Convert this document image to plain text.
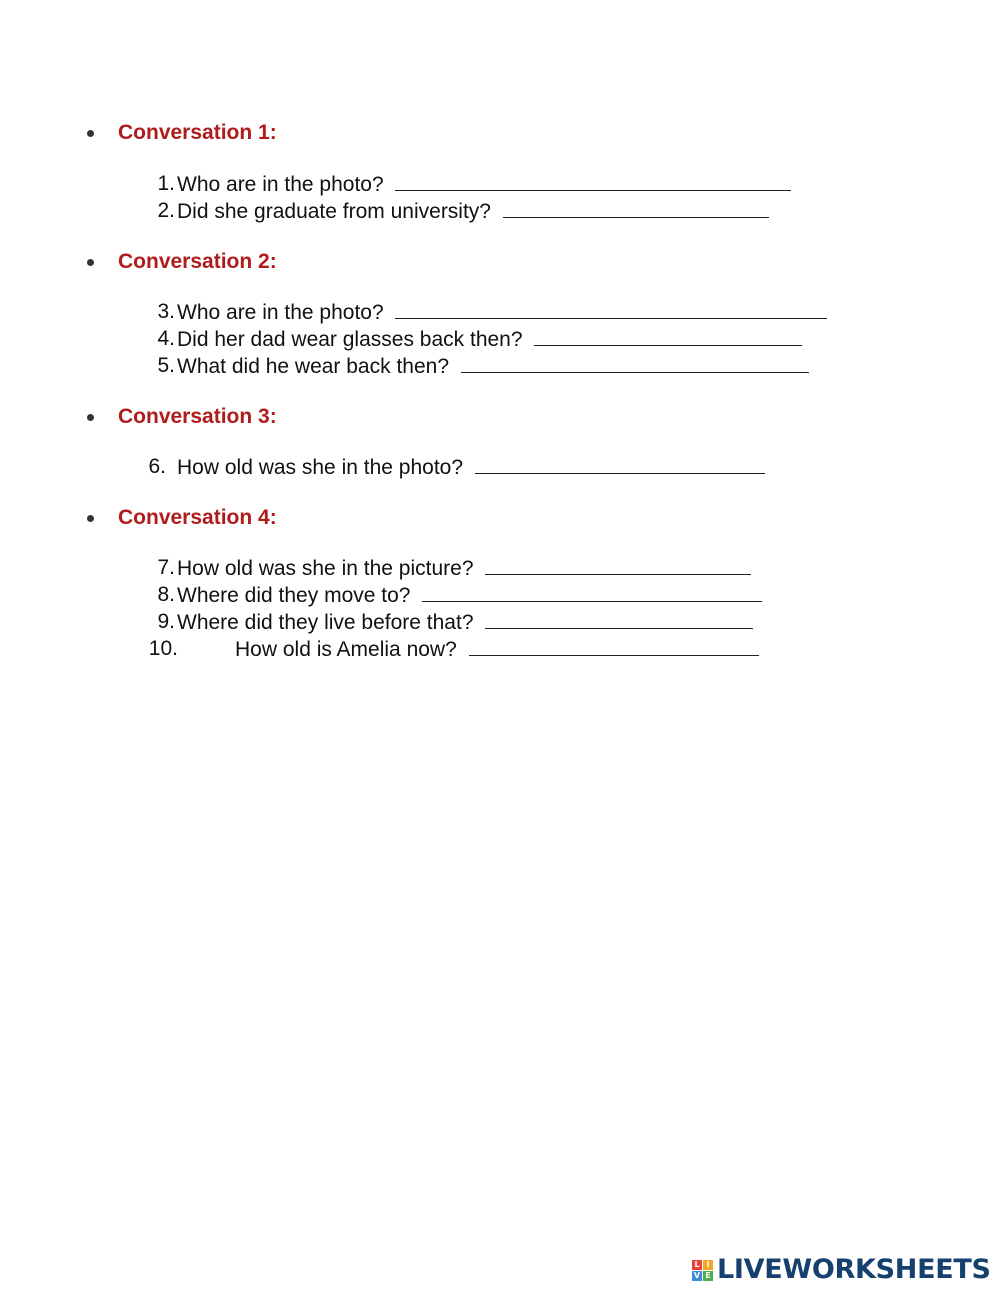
Conversation 1:
1. Who are in the photo?
2. Did she graduate from university?
Conversation 2:
3. Who are in the photo?
4. Did her dad wear glasses back then?
5. What did he wear back then?
Conversation 3:
6. How old was she in the photo?
Conversation 4:
7. How old was she in the picture?
8. Where did they move to?
9. Where did they live before that?
10.	How old is Amelia now?
L I
V E LIVEWORKSHEETS
